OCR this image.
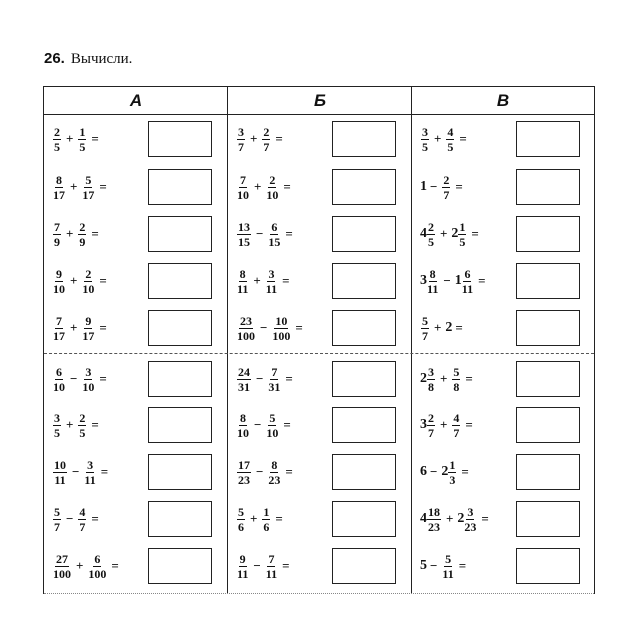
26. Вычисли.
А	Б	В
$\frac{2}{5} + \frac{1}{5}$ =	$\frac{3}{7} + \frac{2}{7}$ =	$\frac{3}{5} + \frac{4}{5}$ =
$\frac{8}{17} + \frac{5}{17}$ =	$\frac{7}{10} + \frac{2}{10}$ =	$1 - \frac{2}{7}$ =
$\frac{7}{9} + \frac{2}{9}$ =	$\frac{13}{15} - \frac{6}{15}$ =	$4 \frac{2}{5} + 2 \frac{1}{5}$ =
$\frac{9}{10} + \frac{2}{10}$ =	$\frac{8}{11} + \frac{3}{11}$ =	$3 \frac{8}{11} - 1 \frac{6}{11}$ =
$\frac{7}{17} + \frac{9}{17}$ =	$\frac{23}{100} - \frac{10}{100}$ =	$\frac{5}{7} + 2$ =
$\frac{6}{10} - \frac{3}{10}$ =	$\frac{24}{31} - \frac{7}{31}$ =	$2 \frac{3}{8} + \frac{5}{8}$ =
$\frac{3}{5} + \frac{2}{5}$ =	$\frac{8}{10} - \frac{5}{10}$ =	$3 \frac{2}{7} + \frac{4}{7}$ =
$\frac{10}{11} - \frac{3}{11}$ =	$\frac{17}{23} - \frac{8}{23}$ =	$6 - 2 \frac{1}{3}$ =
$\frac{5}{7} - \frac{4}{7}$ =	$\frac{5}{6} + \frac{1}{6}$ =	$4 \frac{18}{23} + 2 \frac{3}{23}$ =
$\frac{27}{100} + \frac{6}{100}$ =	$\frac{9}{11} - \frac{7}{11}$ =	$5 - \frac{5}{11}$ =
